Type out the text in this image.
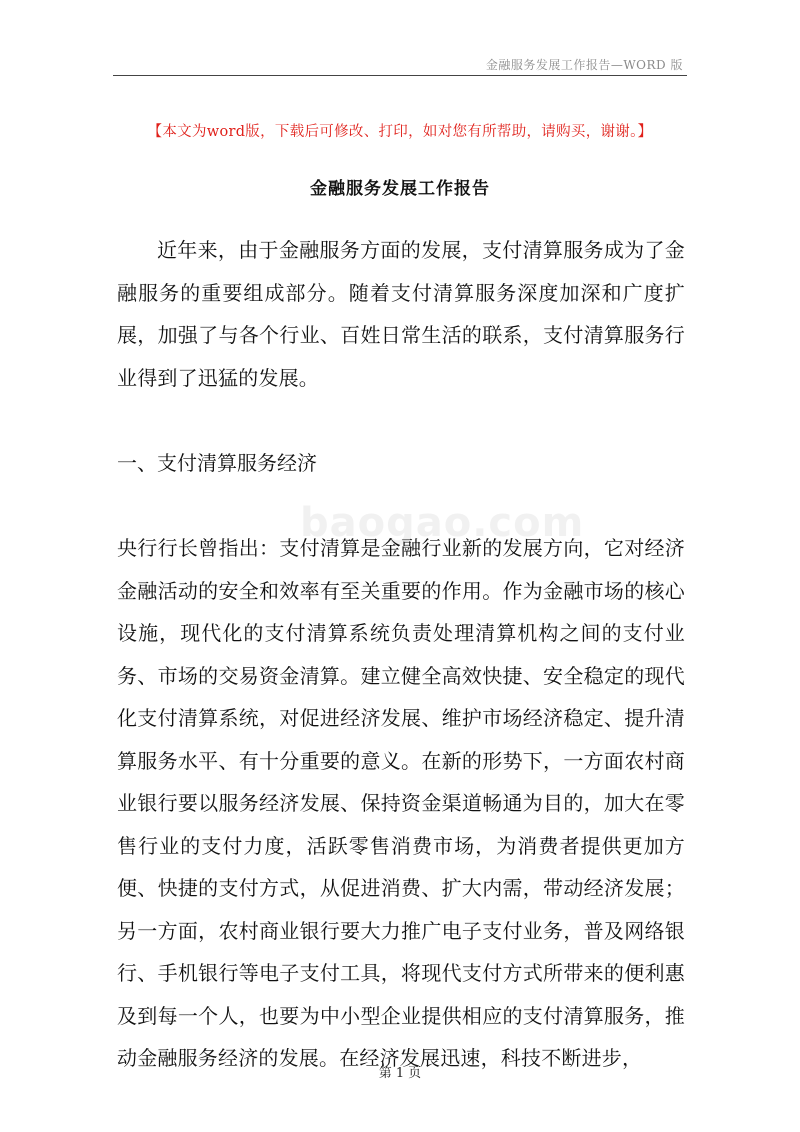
金融服务发展工作报告—WORD 版
【本文为word版，下载后可修改、打印，如对您有所帮助，请购买，谢谢。】
金融服务发展工作报告

近年来，由于金融服务方面的发展，支付清算服务成为了金融服务的重要组成部分。随着支付清算服务深度加深和广度扩展，加强了与各个行业、百姓日常生活的联系，支付清算服务行业得到了迅猛的发展。

一、支付清算服务经济

baogao.com

央行行长曾指出：支付清算是金融行业新的发展方向，它对经济金融活动的安全和效率有至关重要的作用。作为金融市场的核心设施，现代化的支付清算系统负责处理清算机构之间的支付业务、市场的交易资金清算。建立健全高效快捷、安全稳定的现代化支付清算系统，对促进经济发展、维护市场经济稳定、提升清算服务水平、有十分重要的意义。在新的形势下，一方面农村商业银行要以服务经济发展、保持资金渠道畅通为目的，加大在零售行业的支付力度，活跃零售消费市场，为消费者提供更加方便、快捷的支付方式，从促进消费、扩大内需，带动经济发展；另一方面，农村商业银行要大力推广电子支付业务，普及网络银行、手机银行等电子支付工具，将现代支付方式所带来的便利惠及到每一个人，也要为中小型企业提供相应的支付清算服务，推动金融服务经济的发展。在经济发展迅速，科技不断进步，

第 1 页
